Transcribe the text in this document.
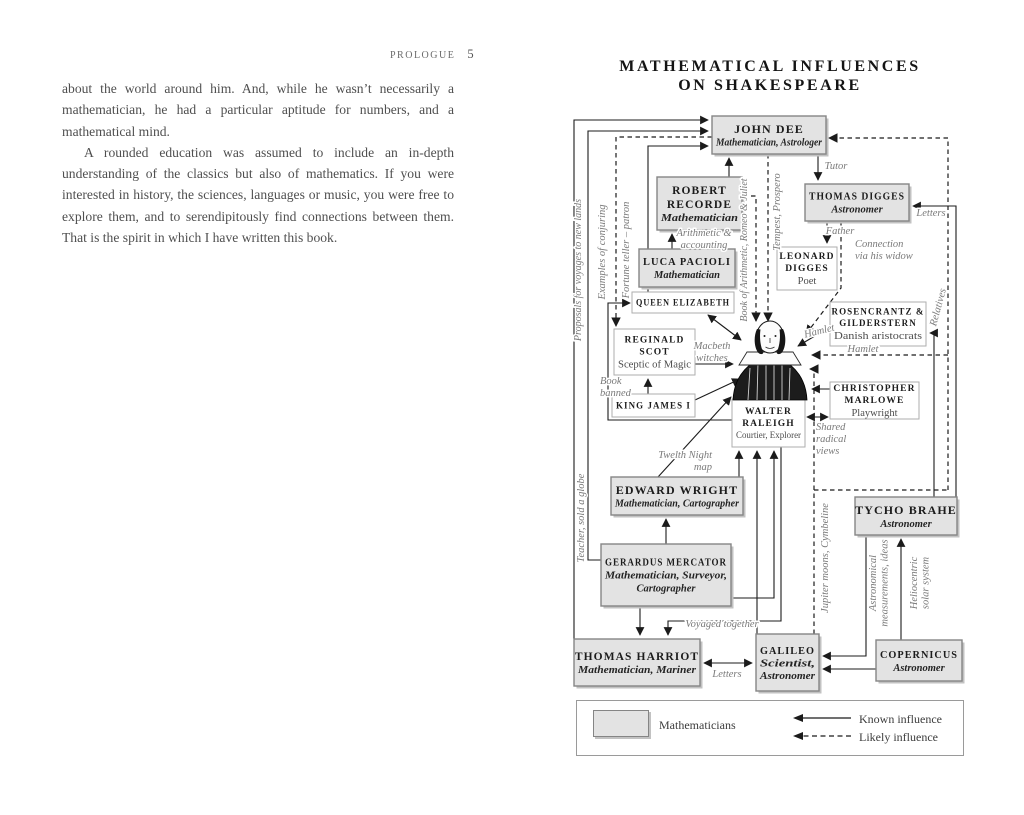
PROLOGUE 5

about the world around him. And, while he wasn’t necessarily a mathematician, he had a particular aptitude for numbers, and a mathematical mind.

A rounded education was assumed to include an in-depth understanding of the classics but also of mathematics. If you were interested in history, the sciences, languages or music, you were free to explore them, and to serendipitously find connections between them. That is the spirit in which I have written this book.

MATHEMATICAL INFLUENCES
ON SHAKESPEARE
JOHN DEE
Mathematician, Astrologer
ROBERT
RECORDE
Mathematician
THOMAS DIGGES
Astronomer
LUCA PACIOLI
Mathematician
LEONARD
DIGGES
Poet
QUEEN ELIZABETH
ROSENCRANTZ &
GILDERSTERN
Danish aristocrats
REGINALD
SCOT
Sceptic of Magic
KING JAMES I
CHRISTOPHER
MARLOWE
Playwright
WALTER
RALEIGH
Courtier, Explorer
EDWARD WRIGHT
Mathematician, Cartographer	TYCHO BRAHE
Astronomer
GERARDUS MERCATOR
Mathematician, Surveyor,
Cartographer
THOMAS HARRIOT
Mathematician, Mariner
GALILEO
Scientist,
Astronomer
COPERNICUS
Astronomer
Tutor
Father
Letters
Connection
via his widow
Arithmetic &
accounting
Fortune teller – patron
Examples of conjuring
Proposals for voyages to new lands
Teacher, sold a globe
Book of Arithmetic, Romeo & Juliet Tempest, Prospero
Macbeth
witches
Book
banned
Hamlet
Hamlet
Relatives
Shared
radical
views
Twelth Night
map
Voyaged together
Letters
Jupiter moons, Cymbeline	Astronomical measurements, ideas Heliocentric solar system
Mathematicians	Known influence
Likely influence
